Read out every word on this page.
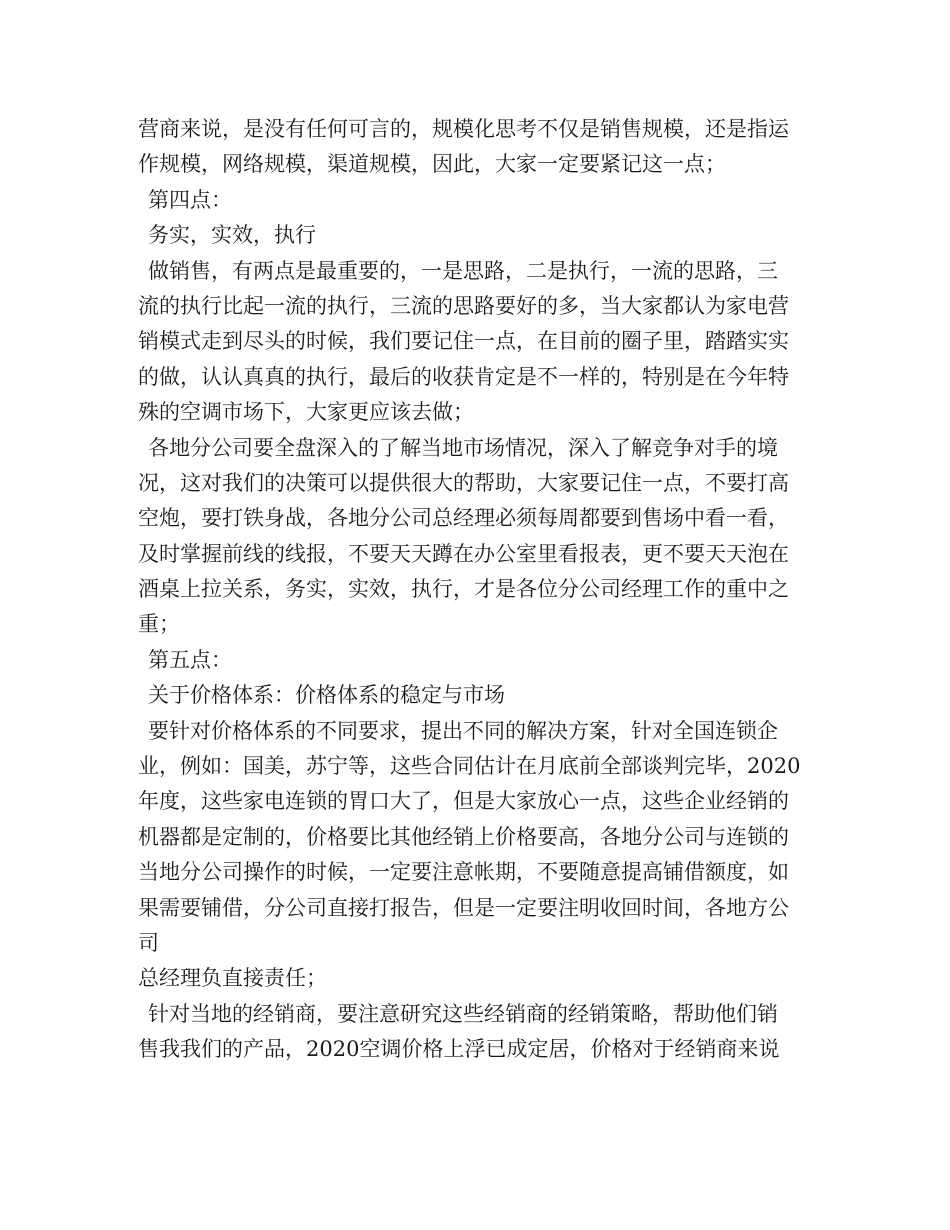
营商来说，是没有任何可言的，规模化思考不仅是销售规模，还是指运
作规模，网络规模，渠道规模，因此，大家一定要紧记这一点；
第四点：
务实，实效，执行
做销售，有两点是最重要的，一是思路，二是执行，一流的思路，三
流的执行比起一流的执行，三流的思路要好的多，当大家都认为家电营
销模式走到尽头的时候，我们要记住一点，在目前的圈子里，踏踏实实
的做，认认真真的执行，最后的收获肯定是不一样的，特别是在今年特
殊的空调市场下，大家更应该去做；
各地分公司要全盘深入的了解当地市场情况，深入了解竞争对手的境
况，这对我们的决策可以提供很大的帮助，大家要记住一点，不要打高
空炮，要打铁身战，各地分公司总经理必须每周都要到售场中看一看，
及时掌握前线的线报，不要天天蹲在办公室里看报表，更不要天天泡在
酒桌上拉关系，务实，实效，执行，才是各位分公司经理工作的重中之
重；
第五点：
关于价格体系：价格体系的稳定与市场
要针对价格体系的不同要求，提出不同的解决方案，针对全国连锁企
业，例如：国美，苏宁等，这些合同估计在月底前全部谈判完毕，2020
年度，这些家电连锁的胃口大了，但是大家放心一点，这些企业经销的
机器都是定制的，价格要比其他经销上价格要高，各地分公司与连锁的
当地分公司操作的时候，一定要注意帐期，不要随意提高铺借额度，如
果需要铺借，分公司直接打报告，但是一定要注明收回时间，各地方公
司
总经理负直接责任；
针对当地的经销商，要注意研究这些经销商的经销策略，帮助他们销
售我我们的产品，2020空调价格上浮已成定居，价格对于经销商来说
